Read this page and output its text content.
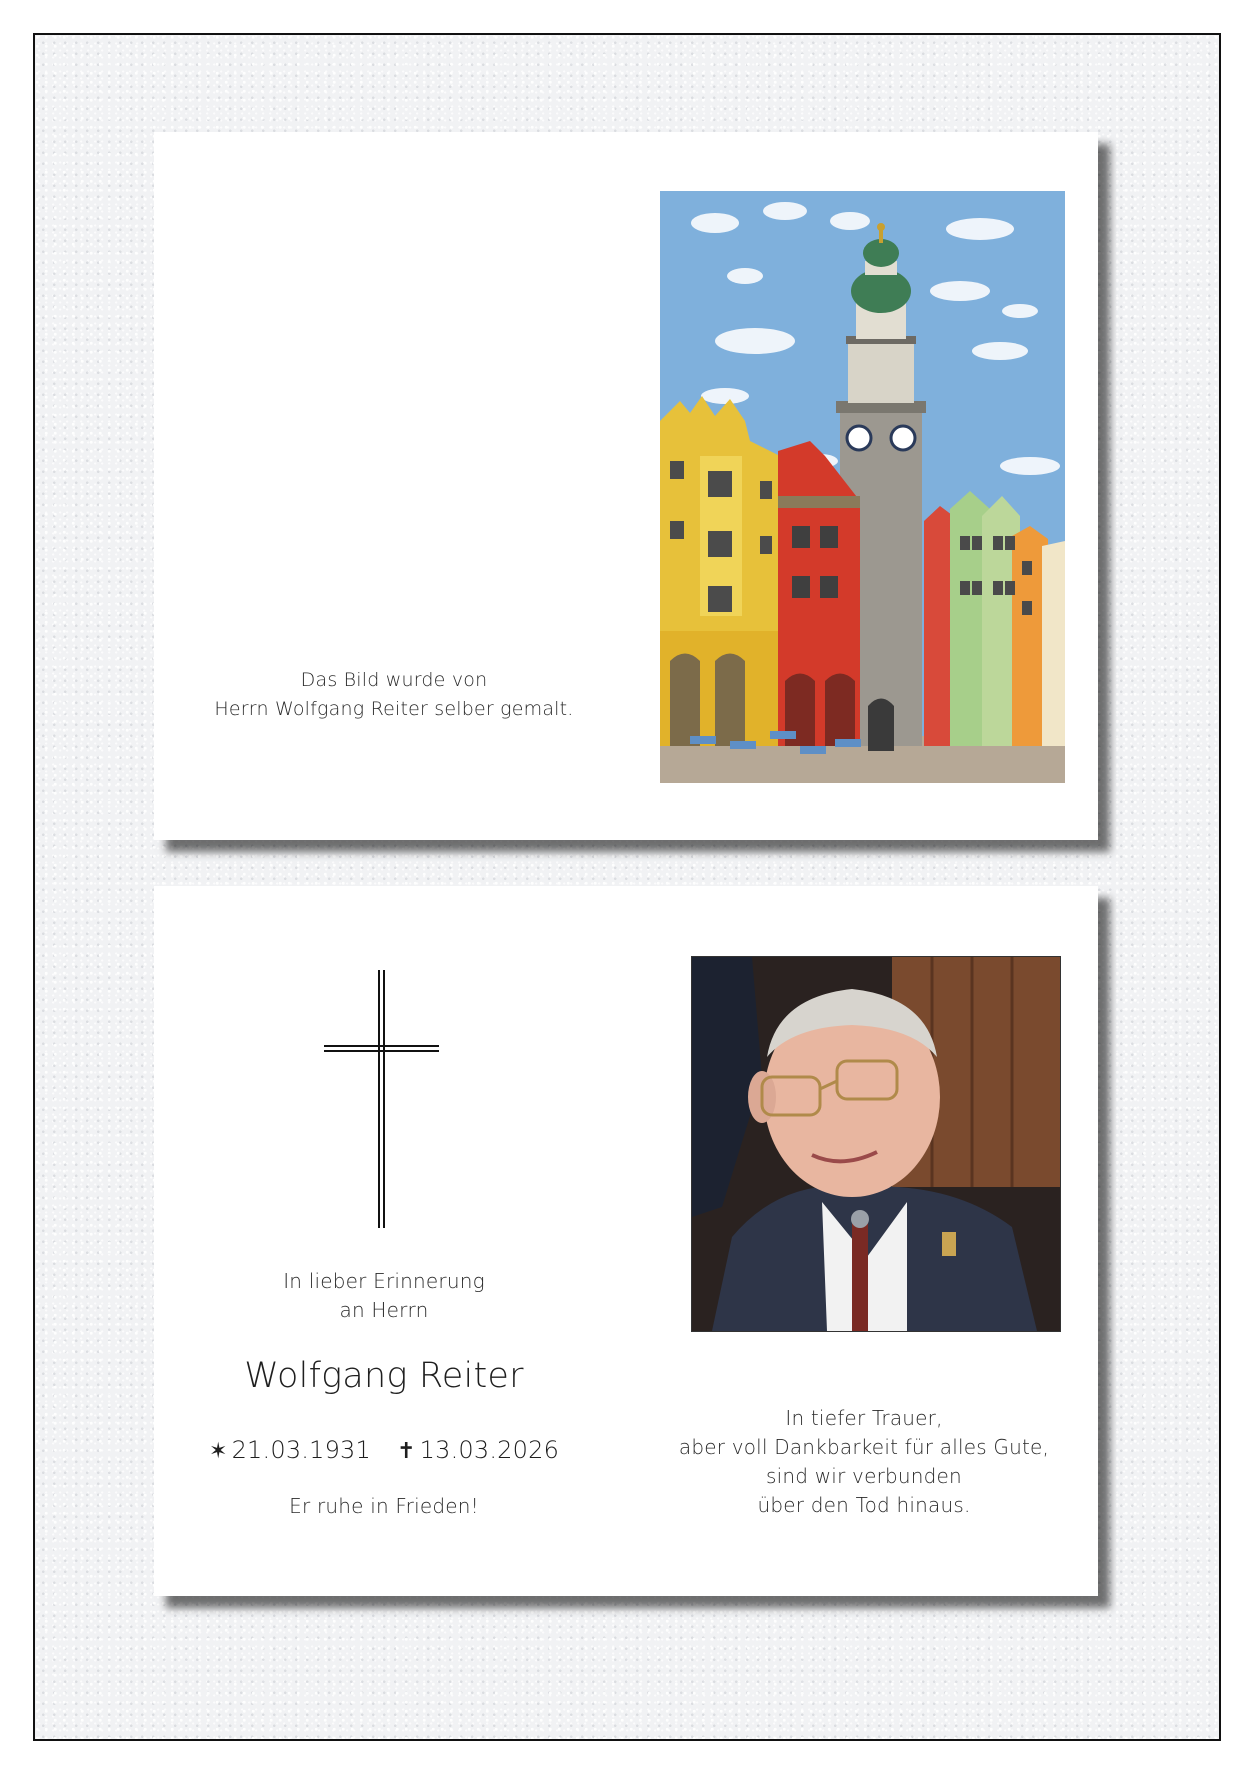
Das Bild wurde von
Herrn Wolfgang Reiter selber gemalt.
In lieber Erinnerung
an Herrn
Wolfgang Reiter
✶ 21.03.1931 ✝ 13.03.2026
Er ruhe in Frieden!
In tiefer Trauer,
aber voll Dankbarkeit für alles Gute,
sind wir verbunden
über den Tod hinaus.
